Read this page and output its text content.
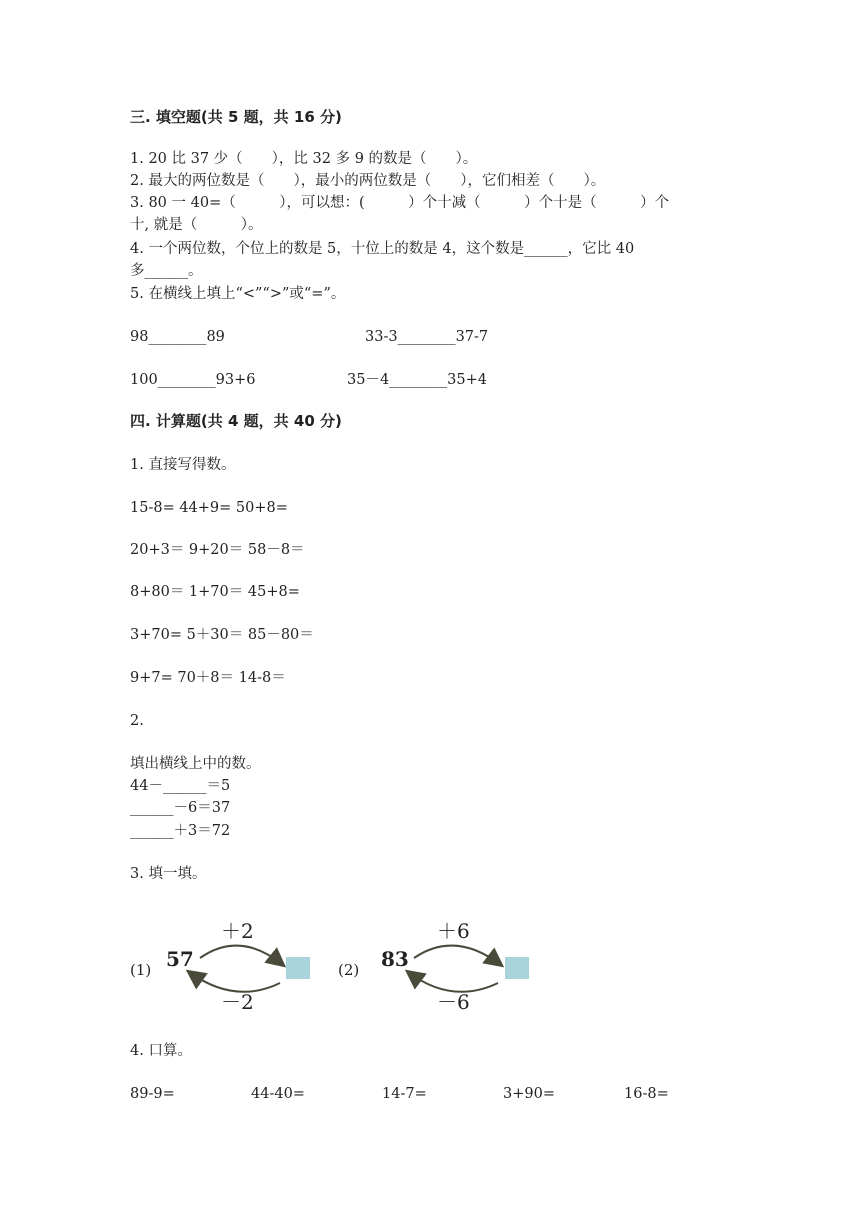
三. 填空题(共 5 题，共 16 分)
1. 20 比 37 少（　　），比 32 多 9 的数是（　　）。
2. 最大的两位数是（　　），最小的两位数是（　　），它们相差（　　）。
3. 80 一 40=（　　　），可以想：(　　　）个十减（　　　）个十是（　　　）个
十, 就是（　　　）。
4. 一个两位数，个位上的数是 5，十位上的数是 4，这个数是______，它比 40
多______。
5. 在横线上填上“<”“>”或“=”。
98________89	33-3________37-7
100________93+6	35－4________35+4
四. 计算题(共 4 题，共 40 分)
1. 直接写得数。
15-8= 44+9= 50+8=
20+3＝ 9+20＝ 58－8＝
8+80＝ 1+70＝ 45+8=
3+70= 5＋30＝ 85－80＝
9+7= 70＋8＝ 14-8＝
2.
填出横线上中的数。
44－______＝5
______－6＝37
______＋3＝72
3. 填一填。
(1) 57
＋2
－2
(2) 83
＋6
－6
4. 口算。
89-9=	44-40=	14-7=	3+90=	16-8=
